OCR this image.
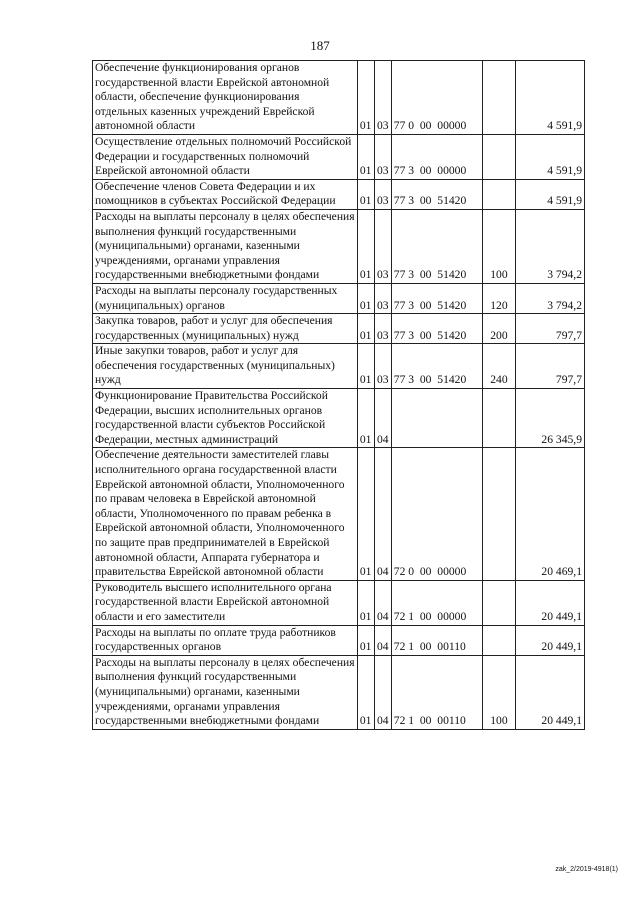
187
Обеспечение функционирования органов государственной власти Еврейской автономной области, обеспечение функционирования отдельных казенных учреждений Еврейской автономной области	01	03	77 0  00  00000		4 591,9
Осуществление отдельных полномочий Российской Федерации и государственных полномочий Еврейской автономной области	01	03	77 3  00  00000		4 591,9
Обеспечение членов Совета Федерации и их помощников в субъектах Российской Федерации	01	03	77 3  00  51420		4 591,9
Расходы на выплаты персоналу в целях обеспечения выполнения функций государственными (муниципальными) органами, казенными учреждениями, органами управления государственными внебюджетными фондами	01	03	77 3  00  51420	100	3 794,2
Расходы на выплаты персоналу государственных (муниципальных) органов	01	03	77 3  00  51420	120	3 794,2
Закупка товаров, работ и услуг для обеспечения государственных (муниципальных) нужд	01	03	77 3  00  51420	200	797,7
Иные закупки товаров, работ и услуг для обеспечения государственных (муниципальных) нужд	01	03	77 3  00  51420	240	797,7
Функционирование Правительства Российской Федерации, высших исполнительных органов государственной власти субъектов Российской Федерации, местных администраций	01	04			26 345,9
Обеспечение деятельности заместителей главы исполнительного органа государственной власти Еврейской автономной области, Уполномоченного по правам человека в Еврейской автономной области, Уполномоченного по правам ребенка в Еврейской автономной области, Уполномоченного по защите прав предпринимателей в Еврейской автономной области, Аппарата губернатора и правительства Еврейской автономной области	01	04	72 0  00  00000		20 469,1
Руководитель высшего исполнительного органа государственной власти Еврейской автономной области и его заместители	01	04	72 1  00  00000		20 449,1
Расходы на выплаты по оплате труда работников государственных органов	01	04	72 1  00  00110		20 449,1
Расходы на выплаты персоналу в целях обеспечения выполнения функций государственными (муниципальными) органами, казенными учреждениями, органами управления государственными внебюджетными фондами	01	04	72 1  00  00110	100	20 449,1
zak_2/2019-4918(1)
